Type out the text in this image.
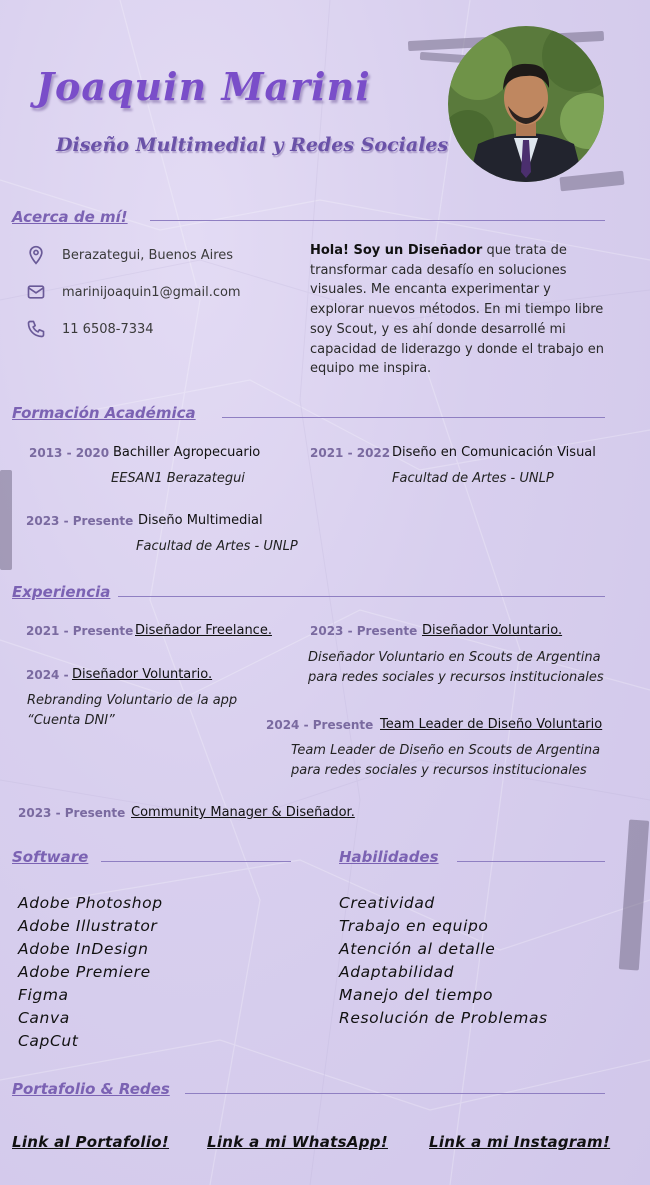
Joaquin Marini
Diseño Multimedial y Redes Sociales
Acerca de mí!
Berazategui, Buenos Aires
marinijoaquin1@gmail.com
11 6508-7334
Hola! Soy un Diseñador que trata de transformar cada desafío en soluciones visuales. Me encanta experimentar y explorar nuevos métodos. En mi tiempo libre soy Scout, y es ahí donde desarrollé mi capacidad de liderazgo y donde el trabajo en equipo me inspira.
Formación Académica
2013 - 2020 Bachiller Agropecuario
EESAN1 Berazategui
2021 - 2022 Diseño en Comunicación Visual
Facultad de Artes - UNLP
2023 - Presente Diseño Multimedial
Facultad de Artes - UNLP
Experiencia
2021 - Presente Diseñador Freelance.	2023 - Presente Diseñador Voluntario.
Diseñador Voluntario en Scouts de Argentina para redes sociales y recursos institucionales
2024 - Diseñador Voluntario.
Rebranding Voluntario de la app “Cuenta DNI”	2024 - Presente Team Leader de Diseño Voluntario
Team Leader de Diseño en Scouts de Argentina para redes sociales y recursos institucionales
2023 - Presente Community Manager & Diseñador.
Software
Adobe Photoshop
Adobe Illustrator
Adobe InDesign
Adobe Premiere
Figma
Canva
CapCut
Habilidades
Creatividad
Trabajo en equipo
Atención al detalle
Adaptabilidad
Manejo del tiempo
Resolución de Problemas
Portafolio & Redes
Link al Portafolio!	Link a mi WhatsApp!	Link a mi Instagram!
